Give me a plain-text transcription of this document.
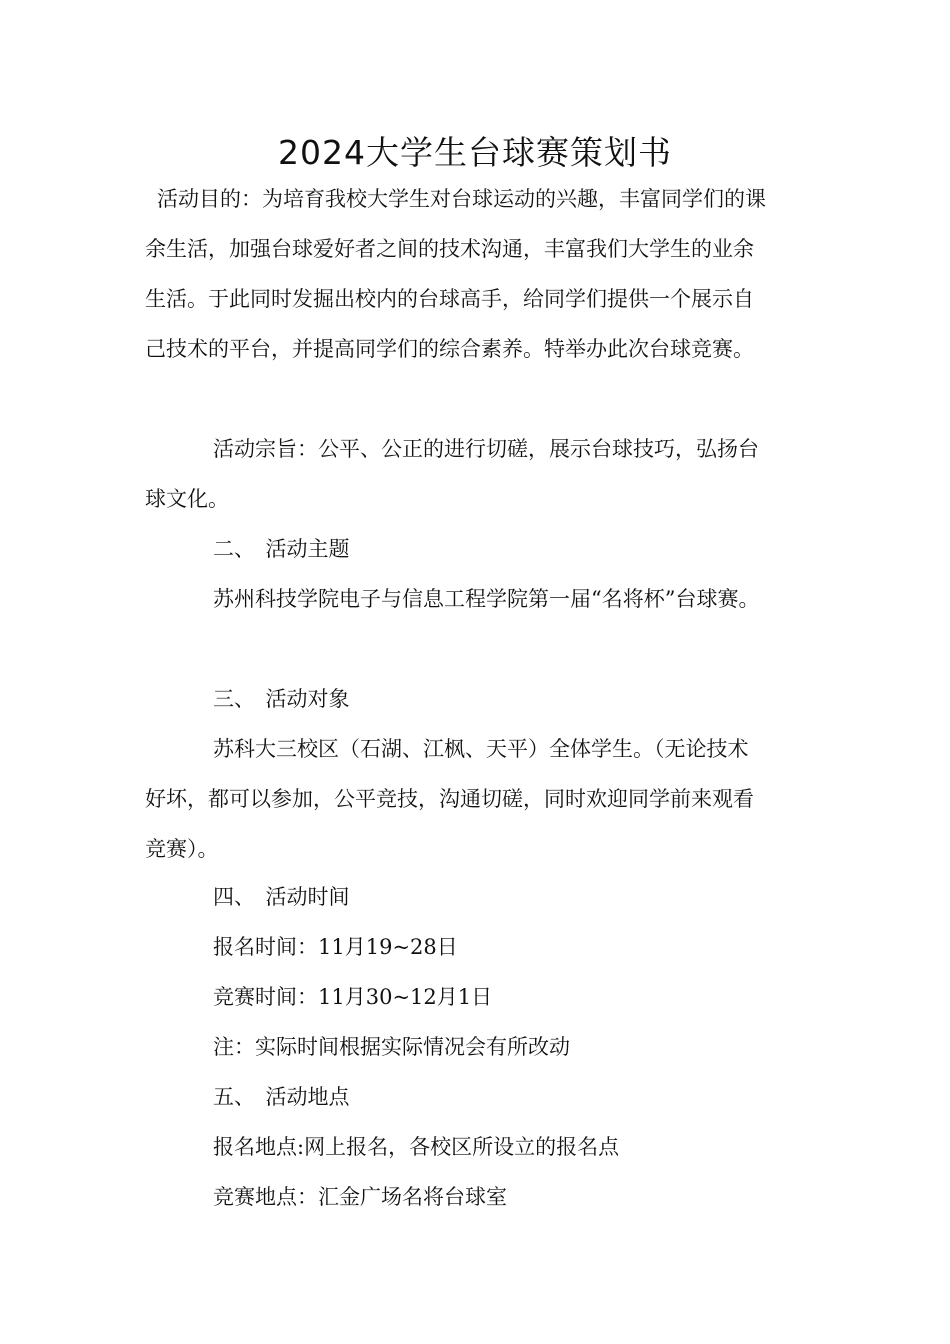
2024大学生台球赛策划书

活动目的：为培育我校大学生对台球运动的兴趣，丰富同学们的课

余生活，加强台球爱好者之间的技术沟通，丰富我们大学生的业余

生活。于此同时发掘出校内的台球高手，给同学们提供一个展示自

己技术的平台，并提高同学们的综合素养。特举办此次台球竞赛。

活动宗旨：公平、公正的进行切磋，展示台球技巧，弘扬台

球文化。

二、　活动主题

苏州科技学院电子与信息工程学院第一届“名将杯”台球赛。

三、　活动对象

苏科大三校区（石湖、江枫、天平）全体学生。（无论技术

好坏，都可以参加，公平竞技，沟通切磋，同时欢迎同学前来观看

竞赛）。

四、　活动时间

报名时间：11月19~28日

竞赛时间：11月30~12月1日

注：实际时间根据实际情况会有所改动

五、　活动地点

报名地点:网上报名，各校区所设立的报名点

竞赛地点：汇金广场名将台球室
